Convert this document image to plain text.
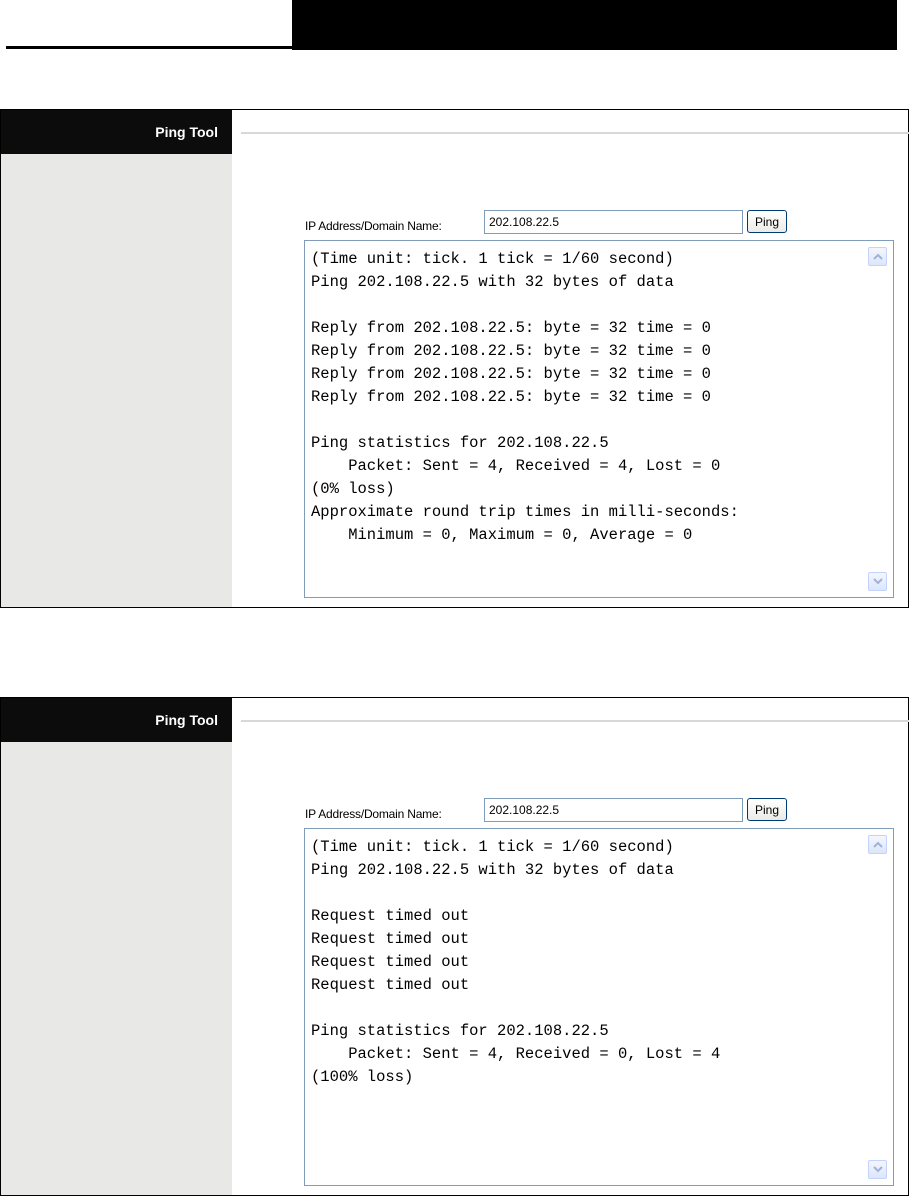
Ping Tool
IP Address/Domain Name:
202.108.22.5	Ping
(Time unit: tick. 1 tick = 1/60 second)
Ping 202.108.22.5 with 32 bytes of data

Reply from 202.108.22.5: byte = 32 time = 0
Reply from 202.108.22.5: byte = 32 time = 0
Reply from 202.108.22.5: byte = 32 time = 0
Reply from 202.108.22.5: byte = 32 time = 0

Ping statistics for 202.108.22.5
Packet: Sent = 4, Received = 4, Lost = 0
(0% loss)
Approximate round trip times in milli-seconds:
Minimum = 0, Maximum = 0, Average = 0
Ping Tool
IP Address/Domain Name:
202.108.22.5	Ping
(Time unit: tick. 1 tick = 1/60 second)
Ping 202.108.22.5 with 32 bytes of data

Request timed out
Request timed out
Request timed out
Request timed out

Ping statistics for 202.108.22.5
Packet: Sent = 4, Received = 0, Lost = 4
(100% loss)
